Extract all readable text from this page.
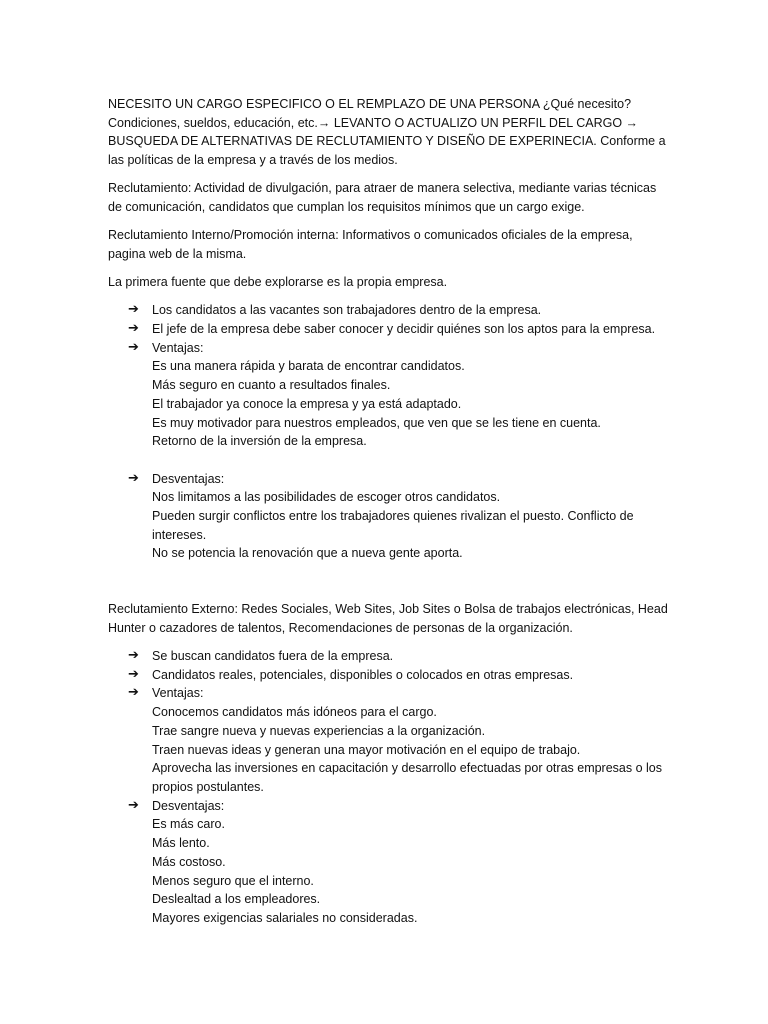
NECESITO UN CARGO ESPECIFICO O EL REMPLAZO DE UNA PERSONA ¿Qué necesito? Condiciones, sueldos, educación, etc.→ LEVANTO O ACTUALIZO UN PERFIL DEL CARGO → BUSQUEDA DE ALTERNATIVAS DE RECLUTAMIENTO Y DISEÑO DE EXPERINECIA. Conforme a las políticas de la empresa y a través de los medios.

Reclutamiento: Actividad de divulgación, para atraer de manera selectiva, mediante varias técnicas de comunicación, candidatos que cumplan los requisitos mínimos que un cargo exige.

Reclutamiento Interno/Promoción interna: Informativos o comunicados oficiales de la empresa, pagina web de la misma.

La primera fuente que debe explorarse es la propia empresa.

➔ Los candidatos a las vacantes son trabajadores dentro de la empresa.
➔ El jefe de la empresa debe saber conocer y decidir quiénes son los aptos para la empresa.
➔ Ventajas:
Es una manera rápida y barata de encontrar candidatos.
Más seguro en cuanto a resultados finales.
El trabajador ya conoce la empresa y ya está adaptado.
Es muy motivador para nuestros empleados, que ven que se les tiene en cuenta.
Retorno de la inversión de la empresa.
➔ Desventajas:
Nos limitamos a las posibilidades de escoger otros candidatos.
Pueden surgir conflictos entre los trabajadores quienes rivalizan el puesto. Conflicto de intereses.
No se potencia la renovación que a nueva gente aporta.

Reclutamiento Externo: Redes Sociales, Web Sites, Job Sites o Bolsa de trabajos electrónicas, Head Hunter o cazadores de talentos, Recomendaciones de personas de la organización.

➔ Se buscan candidatos fuera de la empresa.
➔ Candidatos reales, potenciales, disponibles o colocados en otras empresas.
➔ Ventajas:
Conocemos candidatos más idóneos para el cargo.
Trae sangre nueva y nuevas experiencias a la organización.
Traen nuevas ideas y generan una mayor motivación en el equipo de trabajo.
Aprovecha las inversiones en capacitación y desarrollo efectuadas por otras empresas o los propios postulantes.
➔ Desventajas:
Es más caro.
Más lento.
Más costoso.
Menos seguro que el interno.
Deslealtad a los empleadores.
Mayores exigencias salariales no consideradas.
